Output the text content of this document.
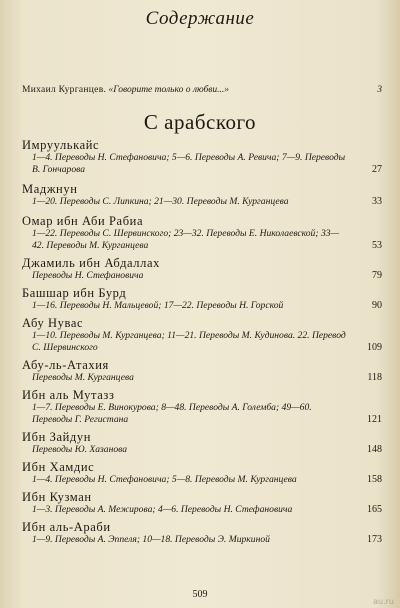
Содержание
Михаил Курганцев. «Говорите только о любви...»	3
С арабского
Имруулькайс
1—4. Переводы Н. Стефановича; 5—6. Переводы А. Ревича; 7—9. Переводы В. Гончарова	27
Маджнун
1—20. Переводы С. Липкина; 21—30. Переводы М. Курганцева	33
Омар ибн Аби Рабиа
1—22. Переводы С. Шервинского; 23—32. Переводы Е. Николаевской; 33—42. Переводы М. Курганцева	53
Джамиль ибн Абдаллах
Переводы Н. Стефановича	79
Башшар ибн Бурд
1—16. Переводы Н. Мальцевой; 17—22. Переводы Н. Горской	90
Абу Нувас
1—10. Переводы М. Курганцева; 11—21. Переводы М. Кудинова. 22. Перевод С. Шервинского	109
Абу-ль-Атахия
Переводы М. Курганцева	118
Ибн аль Мутазз
1—7. Переводы Е. Винокурова; 8—48. Переводы А. Големба; 49—60. Переводы Г. Регистана	121
Ибн Зайдун
Переводы Ю. Хазанова	148
Ибн Хамдис
1—4. Переводы Н. Стефановича; 5—8. Переводы М. Курганцева	158
Ибн Кузман
1—3. Переводы А. Межирова; 4—6. Переводы Н. Стефановича	165
Ибн аль-Араби
1—9. Переводы А. Эппеля; 10—18. Переводы Э. Миркиной	173
509
au.ru
